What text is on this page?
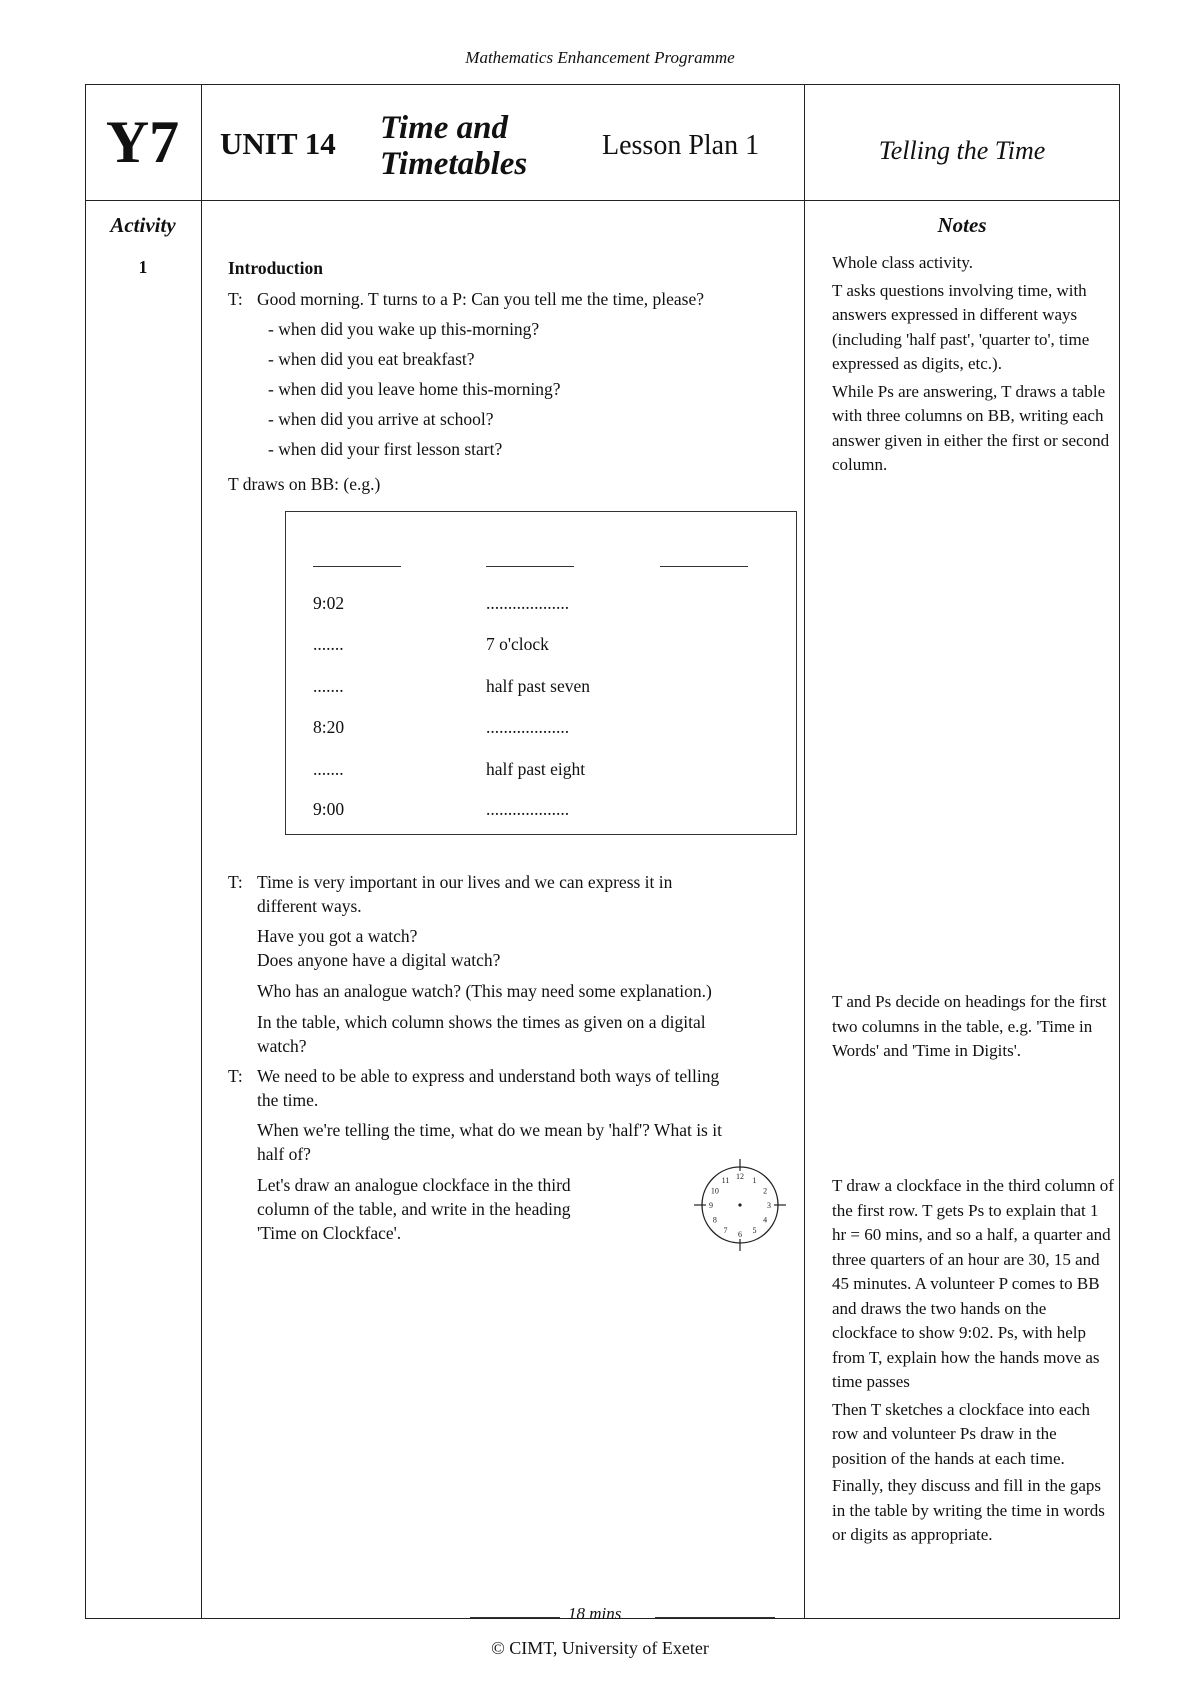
Mathematics Enhancement Programme
Y7 UNIT 14 Time and
Timetables
Lesson Plan 1	Telling the Time
Activity	Notes
1	Introduction
T: Good morning. T turns to a P: Can you tell me the time, please?
- when did you wake up this-morning?
- when did you eat breakfast?
- when did you leave home this-morning?
- when did you arrive at school?
- when did your first lesson start?
T draws on BB: (e.g.)
9:02	...................
.......	7 o'clock
.......	half past seven
8:20	...................
.......	half past eight
9:00	...................
T: Time is very important in our lives and we can express it in
different ways.
Have you got a watch?
Does anyone have a digital watch?
Who has an analogue watch? (This may need some explanation.)
In the table, which column shows the times as given on a digital
watch?
T: We need to be able to express and understand both ways of telling
the time.
When we're telling the time, what do we mean by 'half'? What is it
half of?
Let's draw an analogue clockface in the third
column of the table, and write in the heading
'Time on Clockface'.
12 1
2
3
4
5
6
7
8
9
10
11
18 mins

Whole class activity.

T asks questions involving time, with answers expressed in different ways (including 'half past', 'quarter to', time expressed as digits, etc.).

While Ps are answering, T draws a table with three columns on BB, writing each answer given in either the first or second column.

T and Ps decide on headings for the first two columns in the table, e.g. 'Time in Words' and 'Time in Digits'.

T draw a clockface in the third column of the first row. T gets Ps to explain that 1 hr = 60 mins, and so a half, a quarter and three quarters of an hour are 30, 15 and 45 minutes. A volunteer P comes to BB and draws the two hands on the clockface to show 9:02. Ps, with help from T, explain how the hands move as time passes

Then T sketches a clockface into each row and volunteer Ps draw in the position of the hands at each time.

Finally, they discuss and fill in the gaps in the table by writing the time in words or digits as appropriate.

© CIMT, University of Exeter
